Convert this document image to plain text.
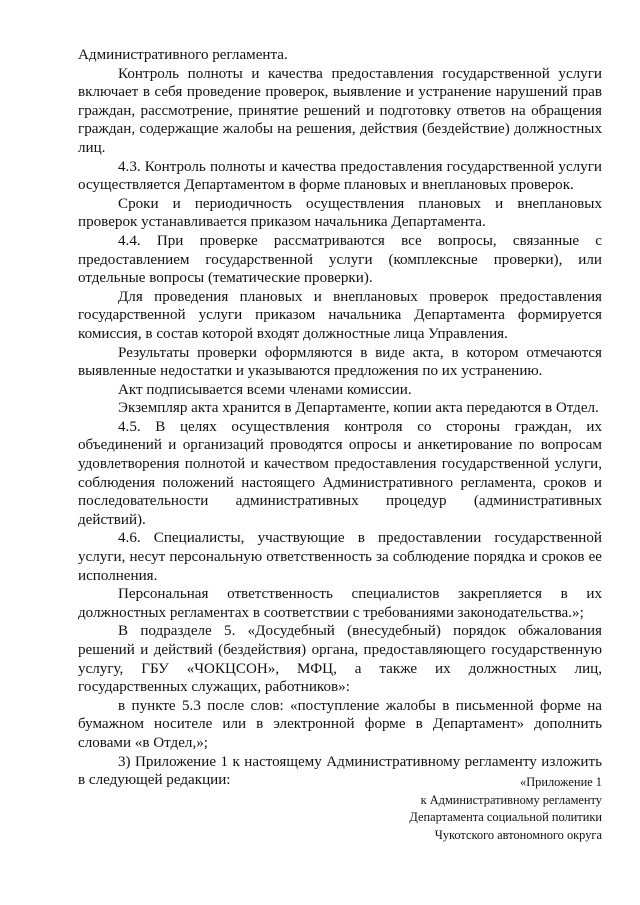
Административного регламента.

Контроль полноты и качества предоставления государственной услуги включает в себя проведение проверок, выявление и устранение нарушений прав граждан, рассмотрение, принятие решений и подготовку ответов на обращения граждан, содержащие жалобы на решения, действия (бездействие) должностных лиц.

4.3. Контроль полноты и качества предоставления государственной услуги осуществляется Департаментом в форме плановых и внеплановых проверок.

Сроки и периодичность осуществления плановых и внеплановых проверок устанавливается приказом начальника Департамента.

4.4. При проверке рассматриваются все вопросы, связанные с предоставлением государственной услуги (комплексные проверки), или отдельные вопросы (тематические проверки).

Для проведения плановых и внеплановых проверок предоставления государственной услуги приказом начальника Департамента формируется комиссия, в состав которой входят должностные лица Управления.

Результаты проверки оформляются в виде акта, в котором отмечаются выявленные недостатки и указываются предложения по их устранению.

Акт подписывается всеми членами комиссии.

Экземпляр акта хранится в Департаменте, копии акта передаются в Отдел.

4.5. В целях осуществления контроля со стороны граждан, их объединений и организаций проводятся опросы и анкетирование по вопросам удовлетворения полнотой и качеством предоставления государственной услуги, соблюдения положений настоящего Административного регламента, сроков и последовательности административных процедур (административных действий).

4.6. Специалисты, участвующие в предоставлении государственной услуги, несут персональную ответственность за соблюдение порядка и сроков ее исполнения.

Персональная ответственность специалистов закрепляется в их должностных регламентах в соответствии с требованиями законодательства.»;

В подразделе 5. «Досудебный (внесудебный) порядок обжалования решений и действий (бездействия) органа, предоставляющего государственную услугу, ГБУ «ЧОКЦСОН», МФЦ, а также их должностных лиц, государственных служащих, работников»:

в пункте 5.3 после слов: «поступление жалобы в письменной форме на бумажном носителе или в электронной форме в Департамент» дополнить словами «в Отдел,»;

3) Приложение 1 к настоящему Административному регламенту изложить в следующей редакции:	«Приложение 1
к Административному регламенту
Департамента социальной политики
Чукотского автономного округа
